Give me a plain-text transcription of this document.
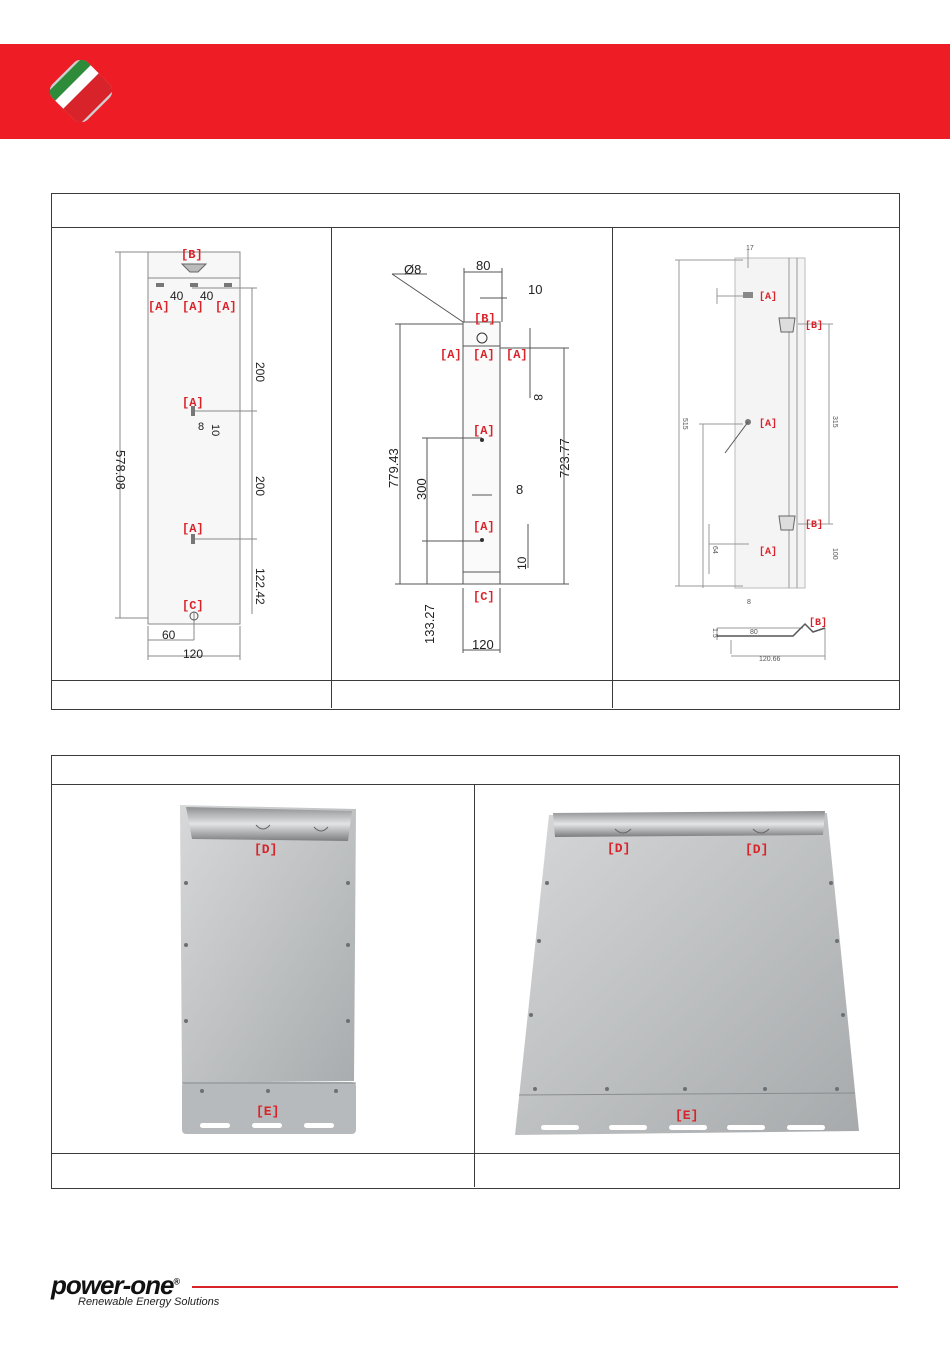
[B]
[A] [A] [A]
40 40
200
578.08
[A]
10
8
200
[A]
122.42
[C]
60
120
Ø8	80
10
[B]
[A] [A] [A]
8
779.43
[A]
300	8
723.77
[A]
10
[C]
133.27
120
[A]
[B]
[A]
[B]
[A]
[B]
17
515	315
100
64
8
1.5	80
120.66
[D]
[E]
[D]	[D]
[E]
power-one®
Renewable Energy Solutions
